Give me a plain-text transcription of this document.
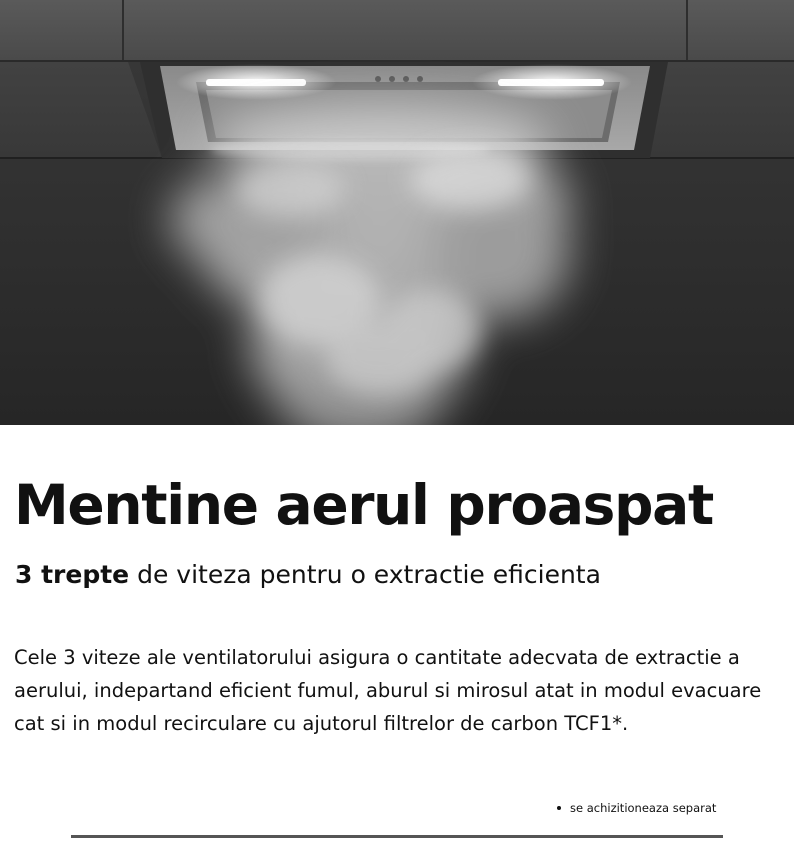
Mentine aerul proaspat
3 trepte de viteza pentru o extractie eficienta

Cele 3 viteze ale ventilatorului asigura o cantitate adecvata de extractie a aerului, indepartand eficient fumul, aburul si mirosul atat in modul evacuare cat si in modul recirculare cu ajutorul filtrelor de carbon TCF1*.

se achizitioneaza separat
